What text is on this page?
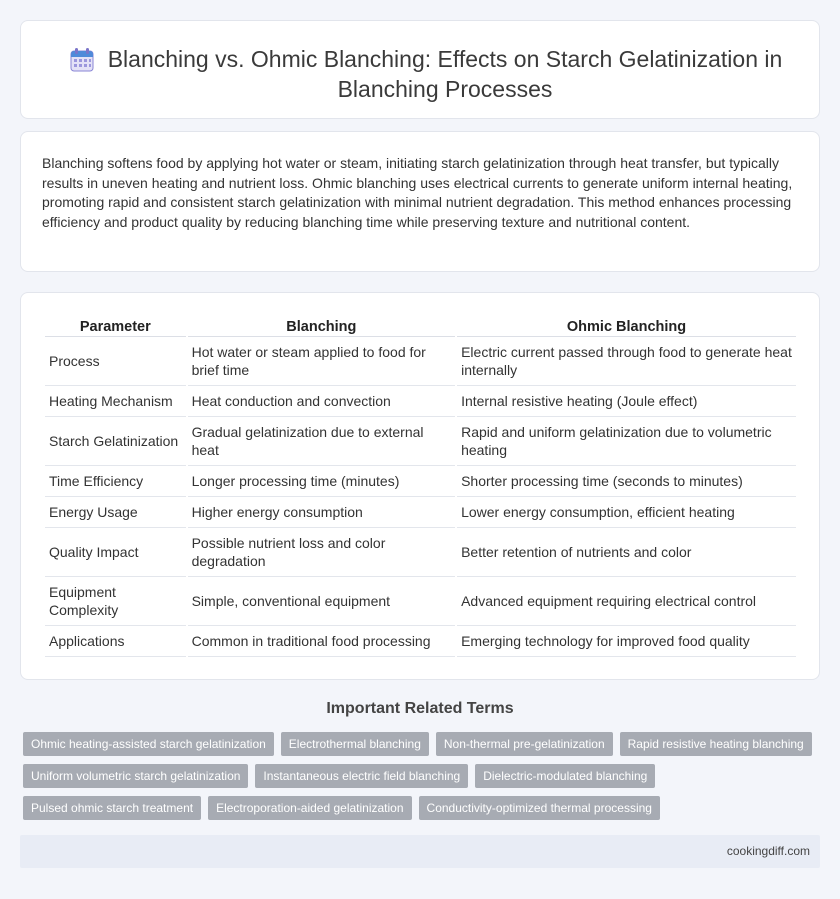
Blanching vs. Ohmic Blanching: Effects on Starch Gelatinization in Blanching Processes

Blanching softens food by applying hot water or steam, initiating starch gelatinization through heat transfer, but typically results in uneven heating and nutrient loss. Ohmic blanching uses electrical currents to generate uniform internal heating, promoting rapid and consistent starch gelatinization with minimal nutrient degradation. This method enhances processing efficiency and product quality by reducing blanching time while preserving texture and nutritional content.

Parameter	Blanching	Ohmic Blanching
Process	Hot water or steam applied to food for brief time	Electric current passed through food to generate heat internally
Heating Mechanism	Heat conduction and convection	Internal resistive heating (Joule effect)
Starch Gelatinization	Gradual gelatinization due to external heat	Rapid and uniform gelatinization due to volumetric heating
Time Efficiency	Longer processing time (minutes)	Shorter processing time (seconds to minutes)
Energy Usage	Higher energy consumption	Lower energy consumption, efficient heating
Quality Impact	Possible nutrient loss and color degradation	Better retention of nutrients and color
Equipment Complexity	Simple, conventional equipment	Advanced equipment requiring electrical control
Applications	Common in traditional food processing	Emerging technology for improved food quality
Important Related Terms
Ohmic heating-assisted starch gelatinization	Electrothermal blanching	Non-thermal pre-gelatinization	Rapid resistive heating blanching
Uniform volumetric starch gelatinization	Instantaneous electric field blanching	Dielectric-modulated blanching
Pulsed ohmic starch treatment	Electroporation-aided gelatinization	Conductivity-optimized thermal processing
cookingdiff.com
